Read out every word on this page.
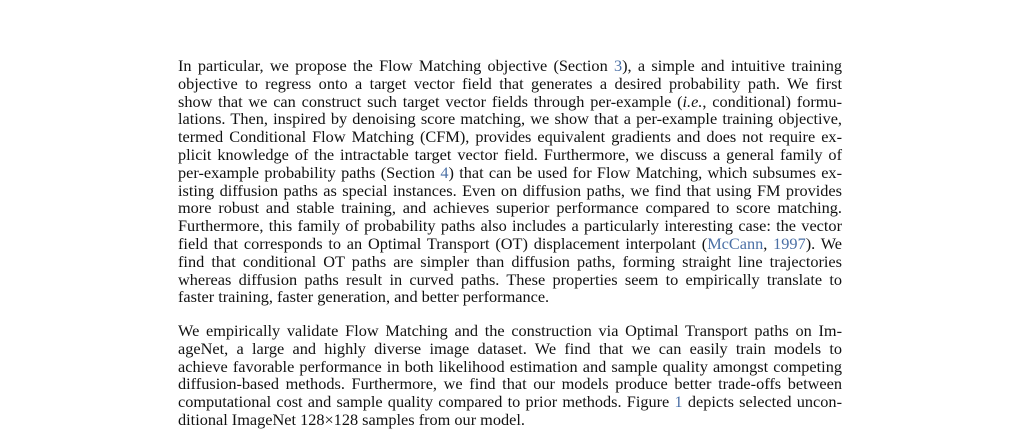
In particular, we propose the Flow Matching objective (Section 3), a simple and intuitive training
objective to regress onto a target vector field that generates a desired probability path. We first
show that we can construct such target vector fields through per-example (i.e., conditional) formu-
lations. Then, inspired by denoising score matching, we show that a per-example training objective,
termed Conditional Flow Matching (CFM), provides equivalent gradients and does not require ex-
plicit knowledge of the intractable target vector field. Furthermore, we discuss a general family of
per-example probability paths (Section 4) that can be used for Flow Matching, which subsumes ex-
isting diffusion paths as special instances. Even on diffusion paths, we find that using FM provides
more robust and stable training, and achieves superior performance compared to score matching.
Furthermore, this family of probability paths also includes a particularly interesting case: the vector
field that corresponds to an Optimal Transport (OT) displacement interpolant (McCann, 1997). We
find that conditional OT paths are simpler than diffusion paths, forming straight line trajectories
whereas diffusion paths result in curved paths. These properties seem to empirically translate to
faster training, faster generation, and better performance.
We empirically validate Flow Matching and the construction via Optimal Transport paths on Im-
ageNet, a large and highly diverse image dataset. We find that we can easily train models to
achieve favorable performance in both likelihood estimation and sample quality amongst competing
diffusion-based methods. Furthermore, we find that our models produce better trade-offs between
computational cost and sample quality compared to prior methods. Figure 1 depicts selected uncon-
ditional ImageNet 128×128 samples from our model.
